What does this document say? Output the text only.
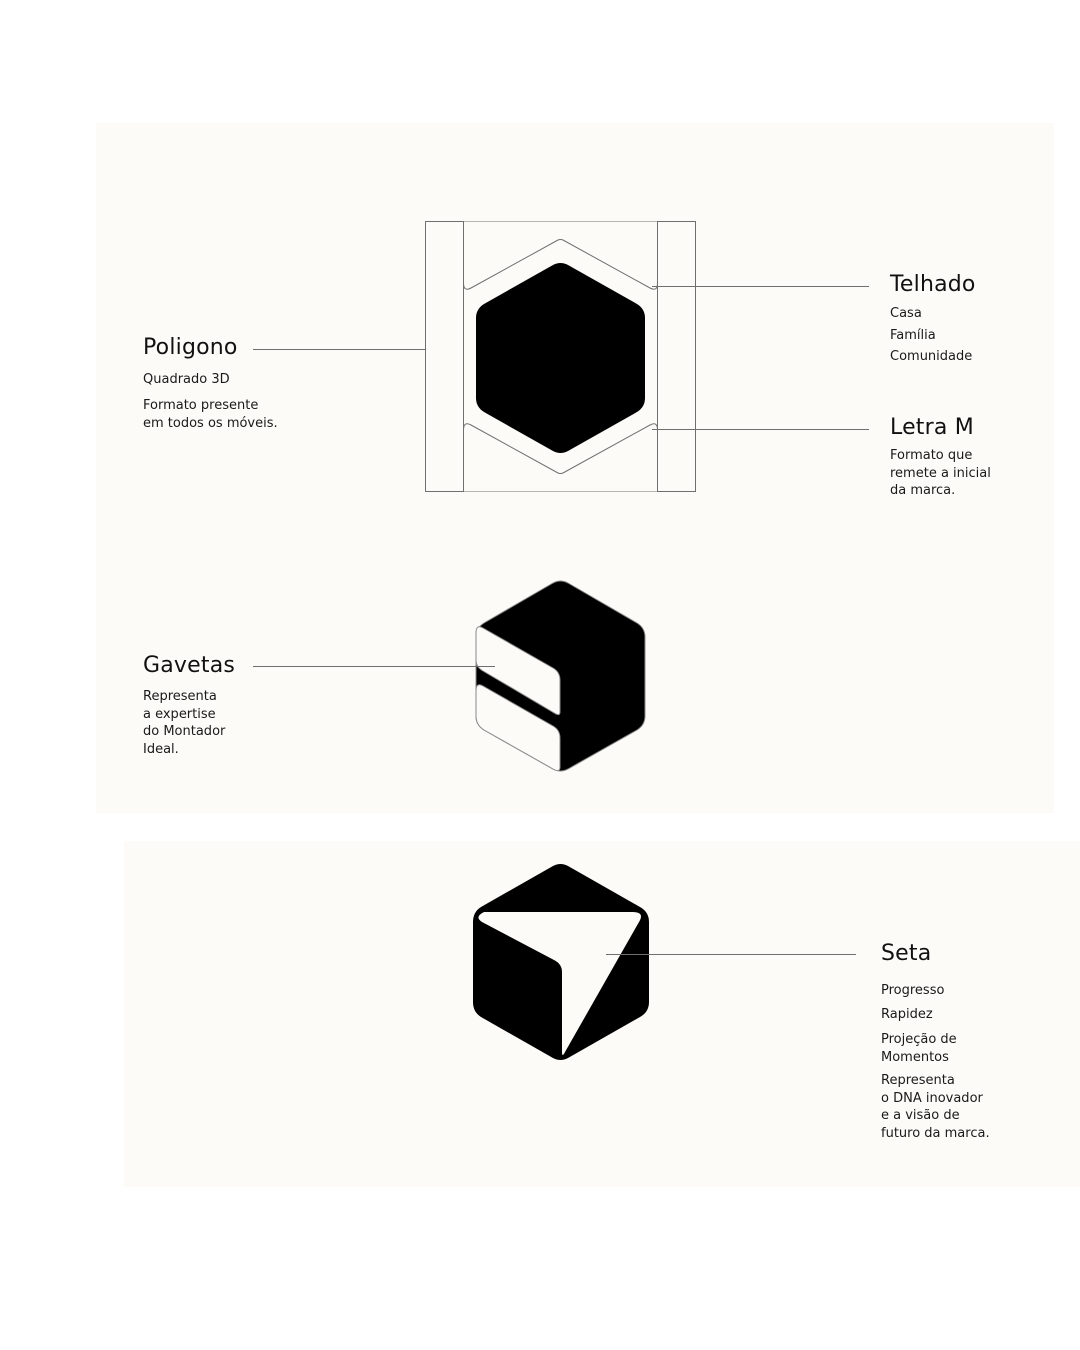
Poligono

Quadrado 3D

Formato presente
em todos os móveis.

Telhado

Casa

Família

Comunidade

Letra M

Formato que
remete a inicial
da marca.

Gavetas

Representa
a expertise
do Montador
Ideal.

Seta

Progresso

Rapidez

Projeção de
Momentos

Representa
o DNA inovador
e a visão de
futuro da marca.
